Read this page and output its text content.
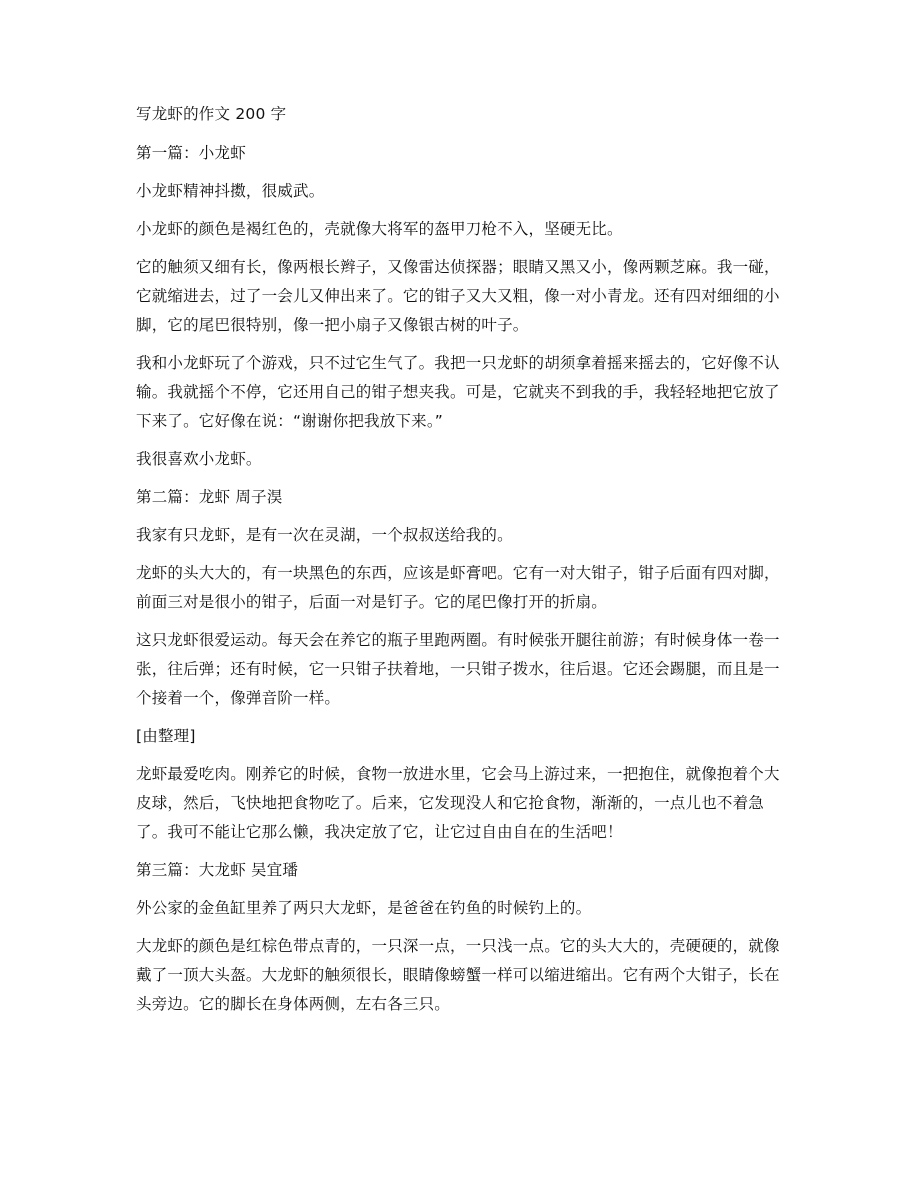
写龙虾的作文 200 字
第一篇：小龙虾
小龙虾精神抖擞，很威武。
小龙虾的颜色是褐红色的，壳就像大将军的盔甲刀枪不入，坚硬无比。
它的触须又细有长，像两根长辫子，又像雷达侦探器；眼睛又黑又小，像两颗芝麻。我一碰，它就缩进去，过了一会儿又伸出来了。它的钳子又大又粗，像一对小青龙。还有四对细细的小脚，它的尾巴很特别，像一把小扇子又像银古树的叶子。
我和小龙虾玩了个游戏，只不过它生气了。我把一只龙虾的胡须拿着摇来摇去的，它好像不认输。我就摇个不停，它还用自己的钳子想夹我。可是，它就夹不到我的手，我轻轻地把它放了下来了。它好像在说：“谢谢你把我放下来。”
我很喜欢小龙虾。
第二篇：龙虾 周子淏
我家有只龙虾，是有一次在灵湖，一个叔叔送给我的。
龙虾的头大大的，有一块黑色的东西，应该是虾膏吧。它有一对大钳子，钳子后面有四对脚，前面三对是很小的钳子，后面一对是钉子。它的尾巴像打开的折扇。
这只龙虾很爱运动。每天会在养它的瓶子里跑两圈。有时候张开腿往前游；有时候身体一卷一张，往后弹；还有时候，它一只钳子扶着地，一只钳子拨水，往后退。它还会踢腿，而且是一个接着一个，像弹音阶一样。
[由整理]
龙虾最爱吃肉。刚养它的时候，食物一放进水里，它会马上游过来，一把抱住，就像抱着个大皮球，然后，飞快地把食物吃了。后来，它发现没人和它抢食物，渐渐的，一点儿也不着急了。我可不能让它那么懒，我决定放了它，让它过自由自在的生活吧！
第三篇：大龙虾 吴宜璠
外公家的金鱼缸里养了两只大龙虾，是爸爸在钓鱼的时候钓上的。
大龙虾的颜色是红棕色带点青的，一只深一点，一只浅一点。它的头大大的，壳硬硬的，就像戴了一顶大头盔。大龙虾的触须很长，眼睛像螃蟹一样可以缩进缩出。它有两个大钳子，长在头旁边。它的脚长在身体两侧，左右各三只。
